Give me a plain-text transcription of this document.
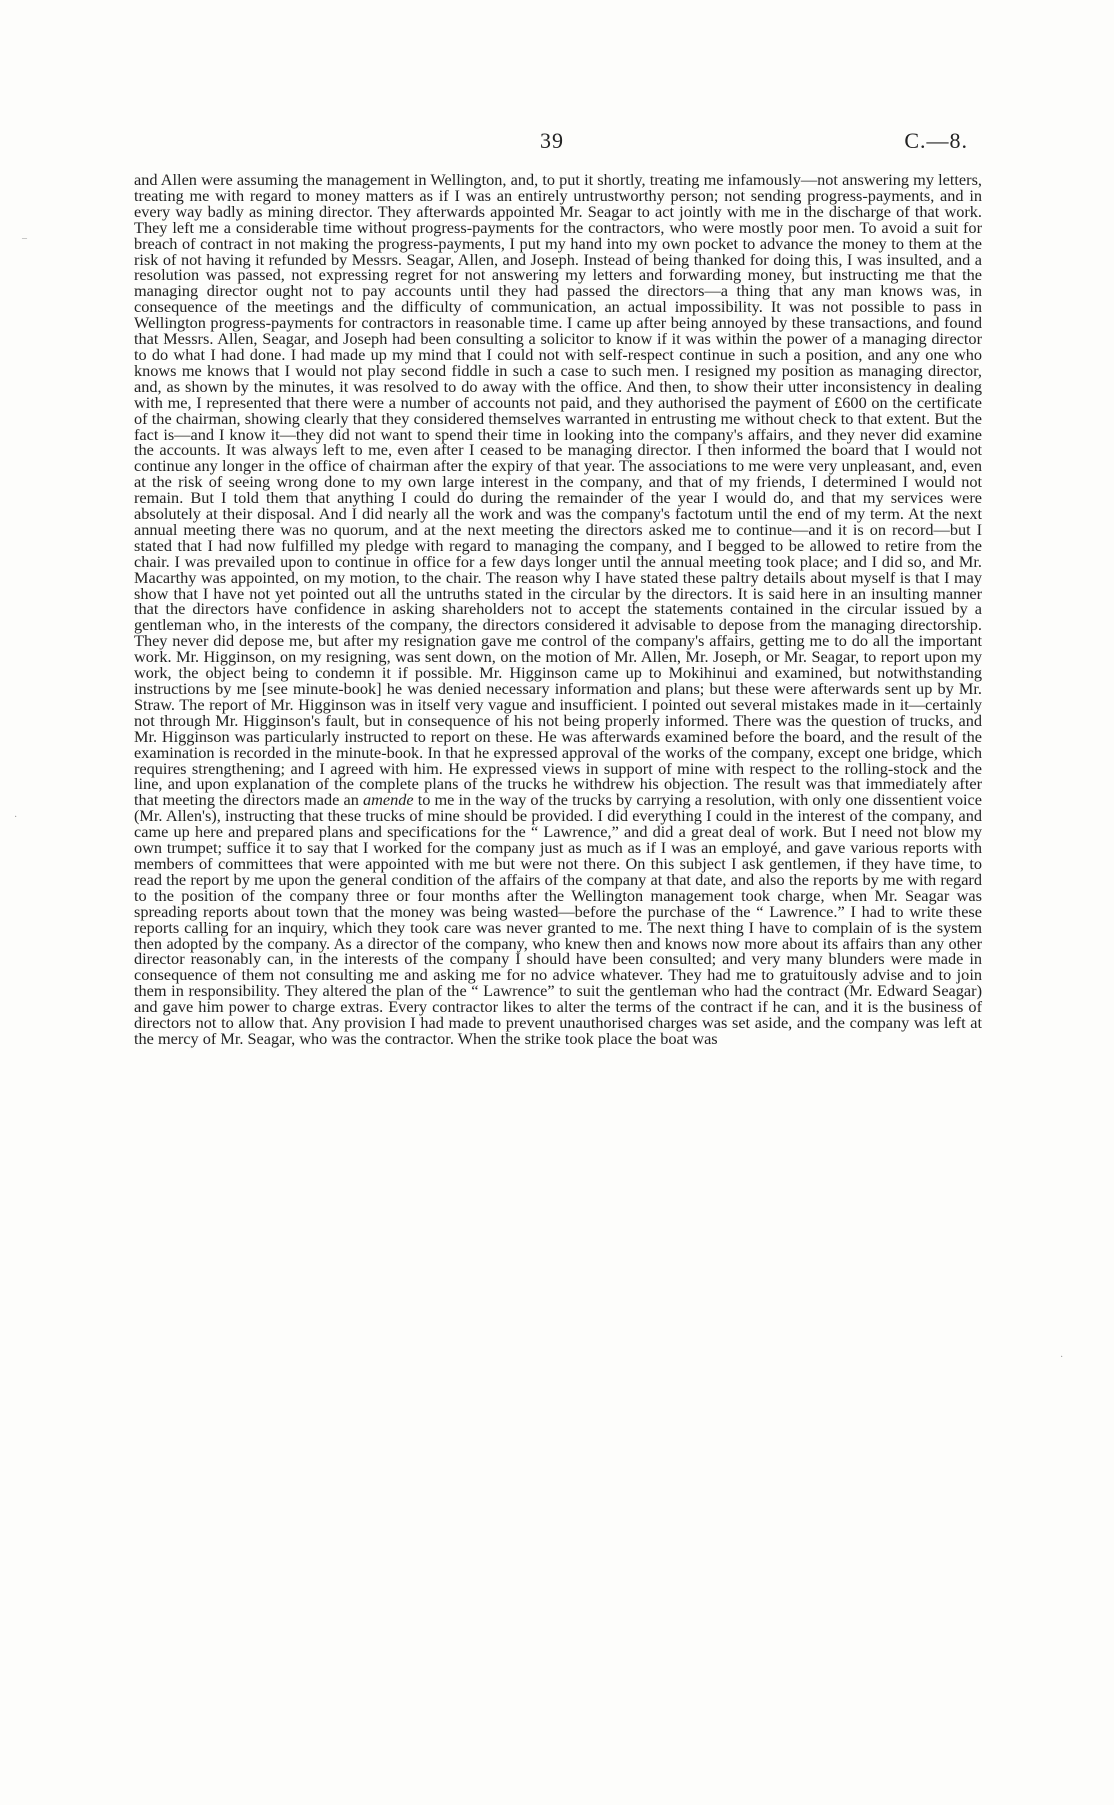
39	C.—8.

and Allen were assuming the management in Wellington, and, to put it shortly, treating me infamously—not answering my letters, treating me with regard to money matters as if I was an entirely untrustworthy person; not sending progress-payments, and in every way badly as mining director. They afterwards appointed Mr. Seagar to act jointly with me in the discharge of that work. They left me a considerable time without progress-payments for the contractors, who were mostly poor men. To avoid a suit for breach of contract in not making the progress-payments, I put my hand into my own pocket to advance the money to them at the risk of not having it refunded by Messrs. Seagar, Allen, and Joseph. Instead of being thanked for doing this, I was insulted, and a resolution was passed, not expressing regret for not answering my letters and forwarding money, but instructing me that the managing director ought not to pay accounts until they had passed the directors—a thing that any man knows was, in consequence of the meetings and the difficulty of communication, an actual impossibility. It was not possible to pass in Wellington progress-payments for contractors in reasonable time. I came up after being annoyed by these transactions, and found that Messrs. Allen, Seagar, and Joseph had been consulting a solicitor to know if it was within the power of a managing director to do what I had done. I had made up my mind that I could not with self-respect continue in such a position, and any one who knows me knows that I would not play second fiddle in such a case to such men. I resigned my position as managing director, and, as shown by the minutes, it was resolved to do away with the office. And then, to show their utter inconsistency in dealing with me, I represented that there were a number of accounts not paid, and they authorised the payment of £600 on the certificate of the chairman, showing clearly that they considered themselves warranted in entrusting me without check to that extent. But the fact is—and I know it—they did not want to spend their time in looking into the company's affairs, and they never did examine the accounts. It was always left to me, even after I ceased to be managing director. I then informed the board that I would not continue any longer in the office of chairman after the expiry of that year. The associations to me were very unpleasant, and, even at the risk of seeing wrong done to my own large interest in the company, and that of my friends, I determined I would not remain. But I told them that anything I could do during the remainder of the year I would do, and that my services were absolutely at their disposal. And I did nearly all the work and was the company's factotum until the end of my term. At the next annual meeting there was no quorum, and at the next meeting the directors asked me to continue—and it is on record—but I stated that I had now fulfilled my pledge with regard to managing the company, and I begged to be allowed to retire from the chair. I was prevailed upon to continue in office for a few days longer until the annual meeting took place; and I did so, and Mr. Macarthy was appointed, on my motion, to the chair. The reason why I have stated these paltry details about myself is that I may show that I have not yet pointed out all the untruths stated in the circular by the directors. It is said here in an insulting manner that the directors have confidence in asking shareholders not to accept the statements contained in the circular issued by a gentleman who, in the interests of the company, the directors considered it advisable to depose from the managing directorship. They never did depose me, but after my resignation gave me control of the company's affairs, getting me to do all the important work. Mr. Higginson, on my resigning, was sent down, on the motion of Mr. Allen, Mr. Joseph, or Mr. Seagar, to report upon my work, the object being to condemn it if possible. Mr. Higginson came up to Mokihinui and examined, but notwithstanding instructions by me [see minute-book] he was denied necessary information and plans; but these were afterwards sent up by Mr. Straw. The report of Mr. Higginson was in itself very vague and insufficient. I pointed out several mistakes made in it—certainly not through Mr. Higginson's fault, but in consequence of his not being properly informed. There was the question of trucks, and Mr. Higginson was particularly instructed to report on these. He was afterwards examined before the board, and the result of the examination is recorded in the minute-book. In that he expressed approval of the works of the company, except one bridge, which requires strengthening; and I agreed with him. He expressed views in support of mine with respect to the rolling-stock and the line, and upon explanation of the complete plans of the trucks he withdrew his objection. The result was that immediately after that meeting the directors made an amende to me in the way of the trucks by carrying a resolution, with only one dissentient voice (Mr. Allen's), instructing that these trucks of mine should be provided. I did everything I could in the interest of the company, and came up here and prepared plans and specifications for the “ Lawrence,” and did a great deal of work. But I need not blow my own trumpet; suffice it to say that I worked for the company just as much as if I was an employé, and gave various reports with members of committees that were appointed with me but were not there. On this subject I ask gentlemen, if they have time, to read the report by me upon the general condition of the affairs of the company at that date, and also the reports by me with regard to the position of the company three or four months after the Wellington management took charge, when Mr. Seagar was spreading reports about town that the money was being wasted—before the purchase of the “ Lawrence.” I had to write these reports calling for an inquiry, which they took care was never granted to me. The next thing I have to complain of is the system then adopted by the company. As a director of the company, who knew then and knows now more about its affairs than any other director reasonably can, in the interests of the company I should have been consulted; and very many blunders were made in consequence of them not consulting me and asking me for no advice whatever. They had me to gratuitously advise and to join them in responsibility. They altered the plan of the “ Lawrence” to suit the gentleman who had the contract (Mr. Edward Seagar) and gave him power to charge extras. Every contractor likes to alter the terms of the contract if he can, and it is the business of directors not to allow that. Any provision I had made to prevent unauthorised charges was set aside, and the company was left at the mercy of Mr. Seagar, who was the contractor. When the strike took place the boat was

–
·
·
